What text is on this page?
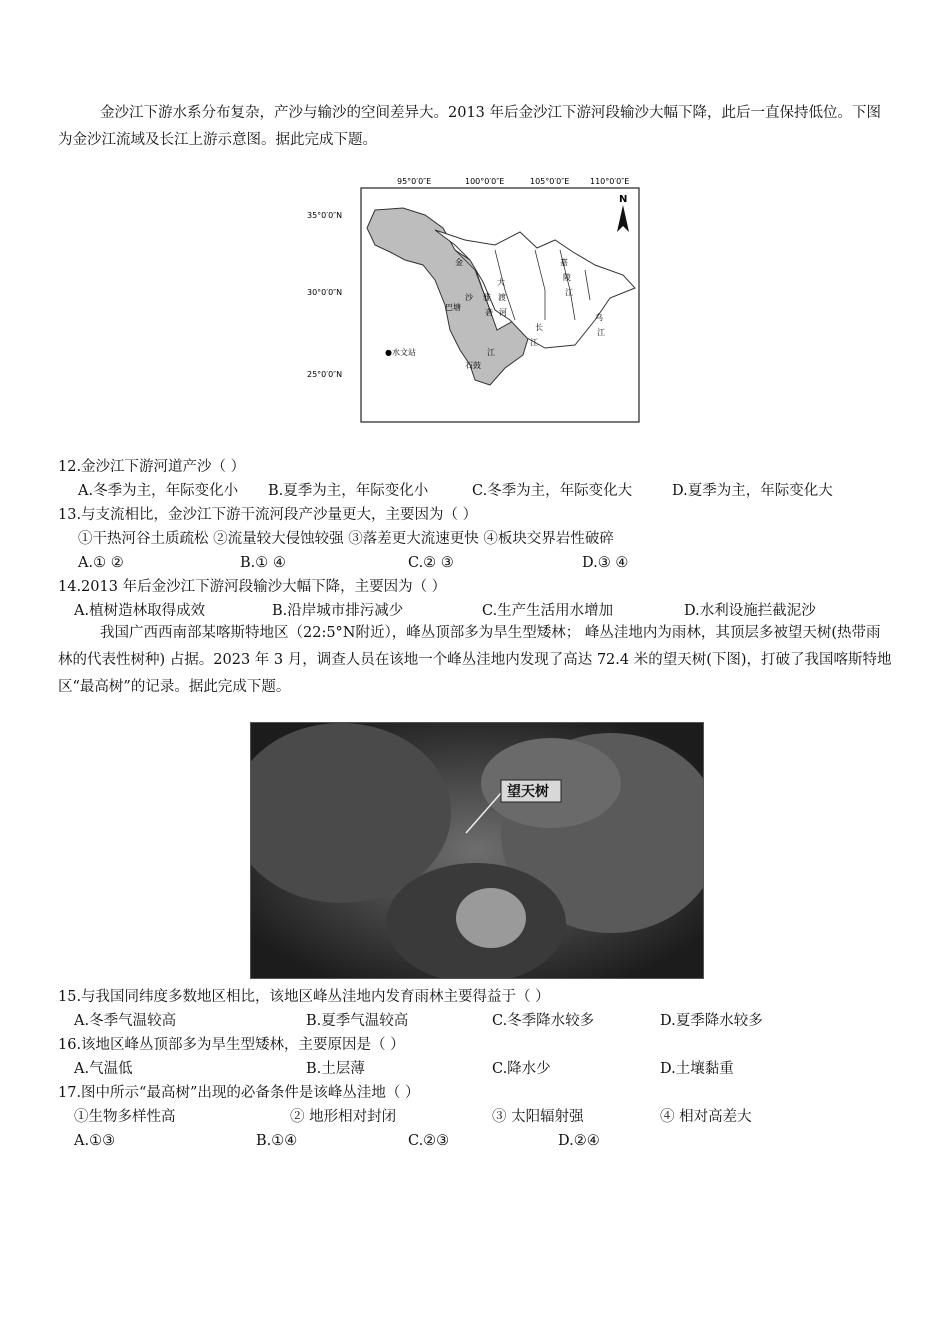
金沙江下游水系分布复杂，产沙与输沙的空间差异大。2013 年后金沙江下游河段输沙大幅下降，此后一直保持低位。下图为金沙江流域及长江上游示意图。据此完成下题。
95°0′0″E	100°0′0″E	105°0′0″E	110°0′0″E
35°0′0″N
30°0′0″N
25°0′0″N
金
沙
巴塘
石鼓
大
渡
河
雅
砻
江
嘉
陵
江
长
江
乌
江
●水文站
N
12.金沙江下游河道产沙（ ）
A.冬季为主，年际变化小 B.夏季为主，年际变化小	C.冬季为主，年际变化大	D.夏季为主，年际变化大
13.与支流相比，金沙江下游干流河段产沙量更大，主要因为（ ）
①干热河谷土质疏松 ②流量较大侵蚀较强 ③落差更大流速更快 ④板块交界岩性破碎
A.① ②	B.① ④	C.② ③	D.③ ④
14.2013 年后金沙江下游河段输沙大幅下降，主要因为（ ）
A.植树造林取得成效	B.沿岸城市排污减少	C.生产生活用水增加	D.水利设施拦截泥沙
我国广西西南部某喀斯特地区（22:5°N附近），峰丛顶部多为旱生型矮林； 峰丛洼地内为雨林，其顶层多被望天树(热带雨林的代表性树种) 占据。2023 年 3 月，调查人员在该地一个峰丛洼地内发现了高达 72.4 米的望天树(下图)，打破了我国喀斯特地区“最高树”的记录。据此完成下题。
望天树
15.与我国同纬度多数地区相比，该地区峰丛洼地内发育雨林主要得益于（ ）
A.冬季气温较高	B.夏季气温较高	C.冬季降水较多	D.夏季降水较多
16.该地区峰丛顶部多为旱生型矮林，主要原因是（ ）
A.气温低	B.土层薄	C.降水少	D.土壤黏重
17.图中所示“最高树”出现的必备条件是该峰丛洼地（ ）
①生物多样性高	② 地形相对封闭	③ 太阳辐射强	④ 相对高差大
A.①③	B.①④	C.②③	D.②④
